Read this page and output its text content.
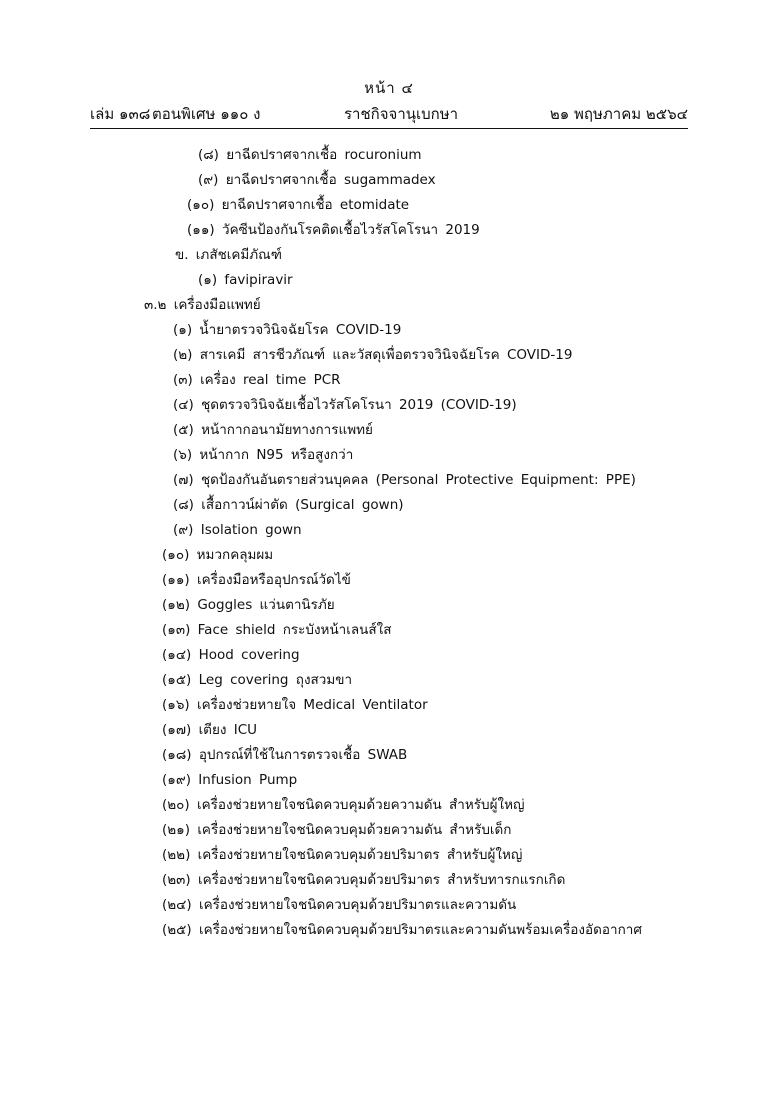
หน้า ๔
เล่ม ๑๓๘ ตอนพิเศษ ๑๑๐ ง	ราชกิจจานุเบกษา	๒๑ พฤษภาคม ๒๕๖๔
(๘) ยาฉีดปราศจากเชื้อ rocuronium
(๙) ยาฉีดปราศจากเชื้อ sugammadex
(๑๐) ยาฉีดปราศจากเชื้อ etomidate
(๑๑) วัคซีนป้องกันโรคติดเชื้อไวรัสโคโรนา 2019
ข. เภสัชเคมีภัณฑ์
(๑) favipiravir
๓.๒ เครื่องมือแพทย์
(๑) น้ำยาตรวจวินิจฉัยโรค COVID-19
(๒) สารเคมี สารชีวภัณฑ์ และวัสดุเพื่อตรวจวินิจฉัยโรค COVID-19
(๓) เครื่อง real time PCR
(๔) ชุดตรวจวินิจฉัยเชื้อไวรัสโคโรนา 2019 (COVID-19)
(๕) หน้ากากอนามัยทางการแพทย์
(๖) หน้ากาก N95 หรือสูงกว่า
(๗) ชุดป้องกันอันตรายส่วนบุคคล (Personal Protective Equipment: PPE)
(๘) เสื้อกาวน์ผ่าตัด (Surgical gown)
(๙) Isolation gown
(๑๐) หมวกคลุมผม
(๑๑) เครื่องมือหรืออุปกรณ์วัดไข้
(๑๒) Goggles แว่นตานิรภัย
(๑๓) Face shield กระบังหน้าเลนส์ใส
(๑๔) Hood covering
(๑๕) Leg covering ถุงสวมขา
(๑๖) เครื่องช่วยหายใจ Medical Ventilator
(๑๗) เตียง ICU
(๑๘) อุปกรณ์ที่ใช้ในการตรวจเชื้อ SWAB
(๑๙) Infusion Pump
(๒๐) เครื่องช่วยหายใจชนิดควบคุมด้วยความดัน สำหรับผู้ใหญ่
(๒๑) เครื่องช่วยหายใจชนิดควบคุมด้วยความดัน สำหรับเด็ก
(๒๒) เครื่องช่วยหายใจชนิดควบคุมด้วยปริมาตร สำหรับผู้ใหญ่
(๒๓) เครื่องช่วยหายใจชนิดควบคุมด้วยปริมาตร สำหรับทารกแรกเกิด
(๒๔) เครื่องช่วยหายใจชนิดควบคุมด้วยปริมาตรและความดัน
(๒๕) เครื่องช่วยหายใจชนิดควบคุมด้วยปริมาตรและความดันพร้อมเครื่องอัดอากาศ
